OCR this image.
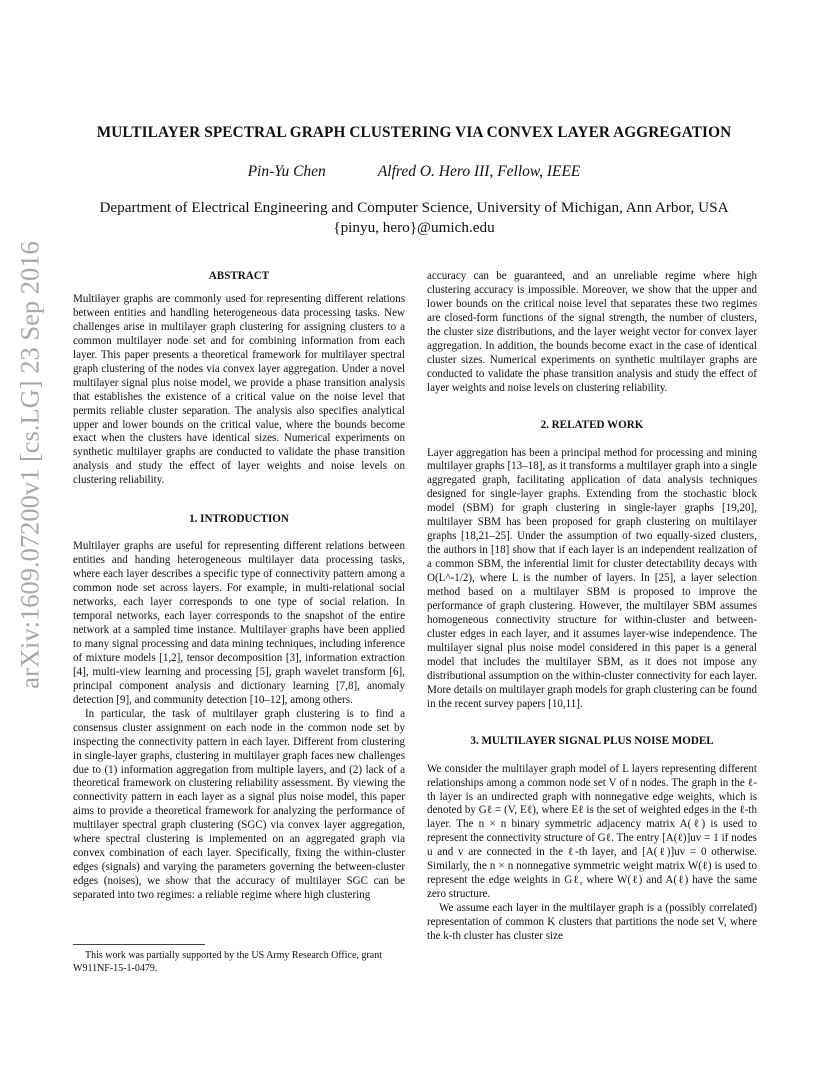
arXiv:1609.07200v1 [cs.LG] 23 Sep 2016
MULTILAYER SPECTRAL GRAPH CLUSTERING VIA CONVEX LAYER AGGREGATION
Pin-Yu Chen	Alfred O. Hero III, Fellow, IEEE
Department of Electrical Engineering and Computer Science, University of Michigan, Ann Arbor, USA
{pinyu, hero}@umich.edu

ABSTRACT

Multilayer graphs are commonly used for representing different relations between entities and handling heterogeneous data processing tasks. New challenges arise in multilayer graph clustering for assigning clusters to a common multilayer node set and for combining information from each layer. This paper presents a theoretical framework for multilayer spectral graph clustering of the nodes via convex layer aggregation. Under a novel multilayer signal plus noise model, we provide a phase transition analysis that establishes the existence of a critical value on the noise level that permits reliable cluster separation. The analysis also specifies analytical upper and lower bounds on the critical value, where the bounds become exact when the clusters have identical sizes. Numerical experiments on synthetic multilayer graphs are conducted to validate the phase transition analysis and study the effect of layer weights and noise levels on clustering reliability.

1. INTRODUCTION

Multilayer graphs are useful for representing different relations between entities and handing heterogeneous multilayer data processing tasks, where each layer describes a specific type of connectivity pattern among a common node set across layers. For example, in multi-relational social networks, each layer corresponds to one type of social relation. In temporal networks, each layer corresponds to the snapshot of the entire network at a sampled time instance. Multilayer graphs have been applied to many signal processing and data mining techniques, including inference of mixture models [1,2], tensor decomposition [3], information extraction [4], multi-view learning and processing [5], graph wavelet transform [6], principal component analysis and dictionary learning [7,8], anomaly detection [9], and community detection [10–12], among others.

In particular, the task of multilayer graph clustering is to find a consensus cluster assignment on each node in the common node set by inspecting the connectivity pattern in each layer. Different from clustering in single-layer graphs, clustering in multilayer graph faces new challenges due to (1) information aggregation from multiple layers, and (2) lack of a theoretical framework on clustering reliability assessment. By viewing the connectivity pattern in each layer as a signal plus noise model, this paper aims to provide a theoretical framework for analyzing the performance of multilayer spectral graph clustering (SGC) via convex layer aggregation, where spectral clustering is implemented on an aggregated graph via convex combination of each layer. Specifically, fixing the within-cluster edges (signals) and varying the parameters governing the between-cluster edges (noises), we show that the accuracy of multilayer SGC can be separated into two regimes: a reliable regime where high clustering

This work was partially supported by the US Army Research Office, grant W911NF-15-1-0479.

accuracy can be guaranteed, and an unreliable regime where high clustering accuracy is impossible. Moreover, we show that the upper and lower bounds on the critical noise level that separates these two regimes are closed-form functions of the signal strength, the number of clusters, the cluster size distributions, and the layer weight vector for convex layer aggregation. In addition, the bounds become exact in the case of identical cluster sizes. Numerical experiments on synthetic multilayer graphs are conducted to validate the phase transition analysis and study the effect of layer weights and noise levels on clustering reliability.

2. RELATED WORK

Layer aggregation has been a principal method for processing and mining multilayer graphs [13–18], as it transforms a multilayer graph into a single aggregated graph, facilitating application of data analysis techniques designed for single-layer graphs. Extending from the stochastic block model (SBM) for graph clustering in single-layer graphs [19,20], multilayer SBM has been proposed for graph clustering on multilayer graphs [18,21–25]. Under the assumption of two equally-sized clusters, the authors in [18] show that if each layer is an independent realization of a common SBM, the inferential limit for cluster detectability decays with O(L^-1/2), where L is the number of layers. In [25], a layer selection method based on a multilayer SBM is proposed to improve the performance of graph clustering. However, the multilayer SBM assumes homogeneous connectivity structure for within-cluster and between-cluster edges in each layer, and it assumes layer-wise independence. The multilayer signal plus noise model considered in this paper is a general model that includes the multilayer SBM, as it does not impose any distributional assumption on the within-cluster connectivity for each layer. More details on multilayer graph models for graph clustering can be found in the recent survey papers [10,11].

3. MULTILAYER SIGNAL PLUS NOISE MODEL

We consider the multilayer graph model of L layers representing different relationships among a common node set V of n nodes. The graph in the ℓ-th layer is an undirected graph with nonnegative edge weights, which is denoted by Gℓ = (V, Eℓ), where Eℓ is the set of weighted edges in the ℓ-th layer. The n × n binary symmetric adjacency matrix A(ℓ) is used to represent the connectivity structure of Gℓ. The entry [A(ℓ)]uv = 1 if nodes u and v are connected in the ℓ-th layer, and [A(ℓ)]uv = 0 otherwise. Similarly, the n × n nonnegative symmetric weight matrix W(ℓ) is used to represent the edge weights in Gℓ, where W(ℓ) and A(ℓ) have the same zero structure.

We assume each layer in the multilayer graph is a (possibly correlated) representation of common K clusters that partitions the node set V, where the k-th cluster has cluster size
